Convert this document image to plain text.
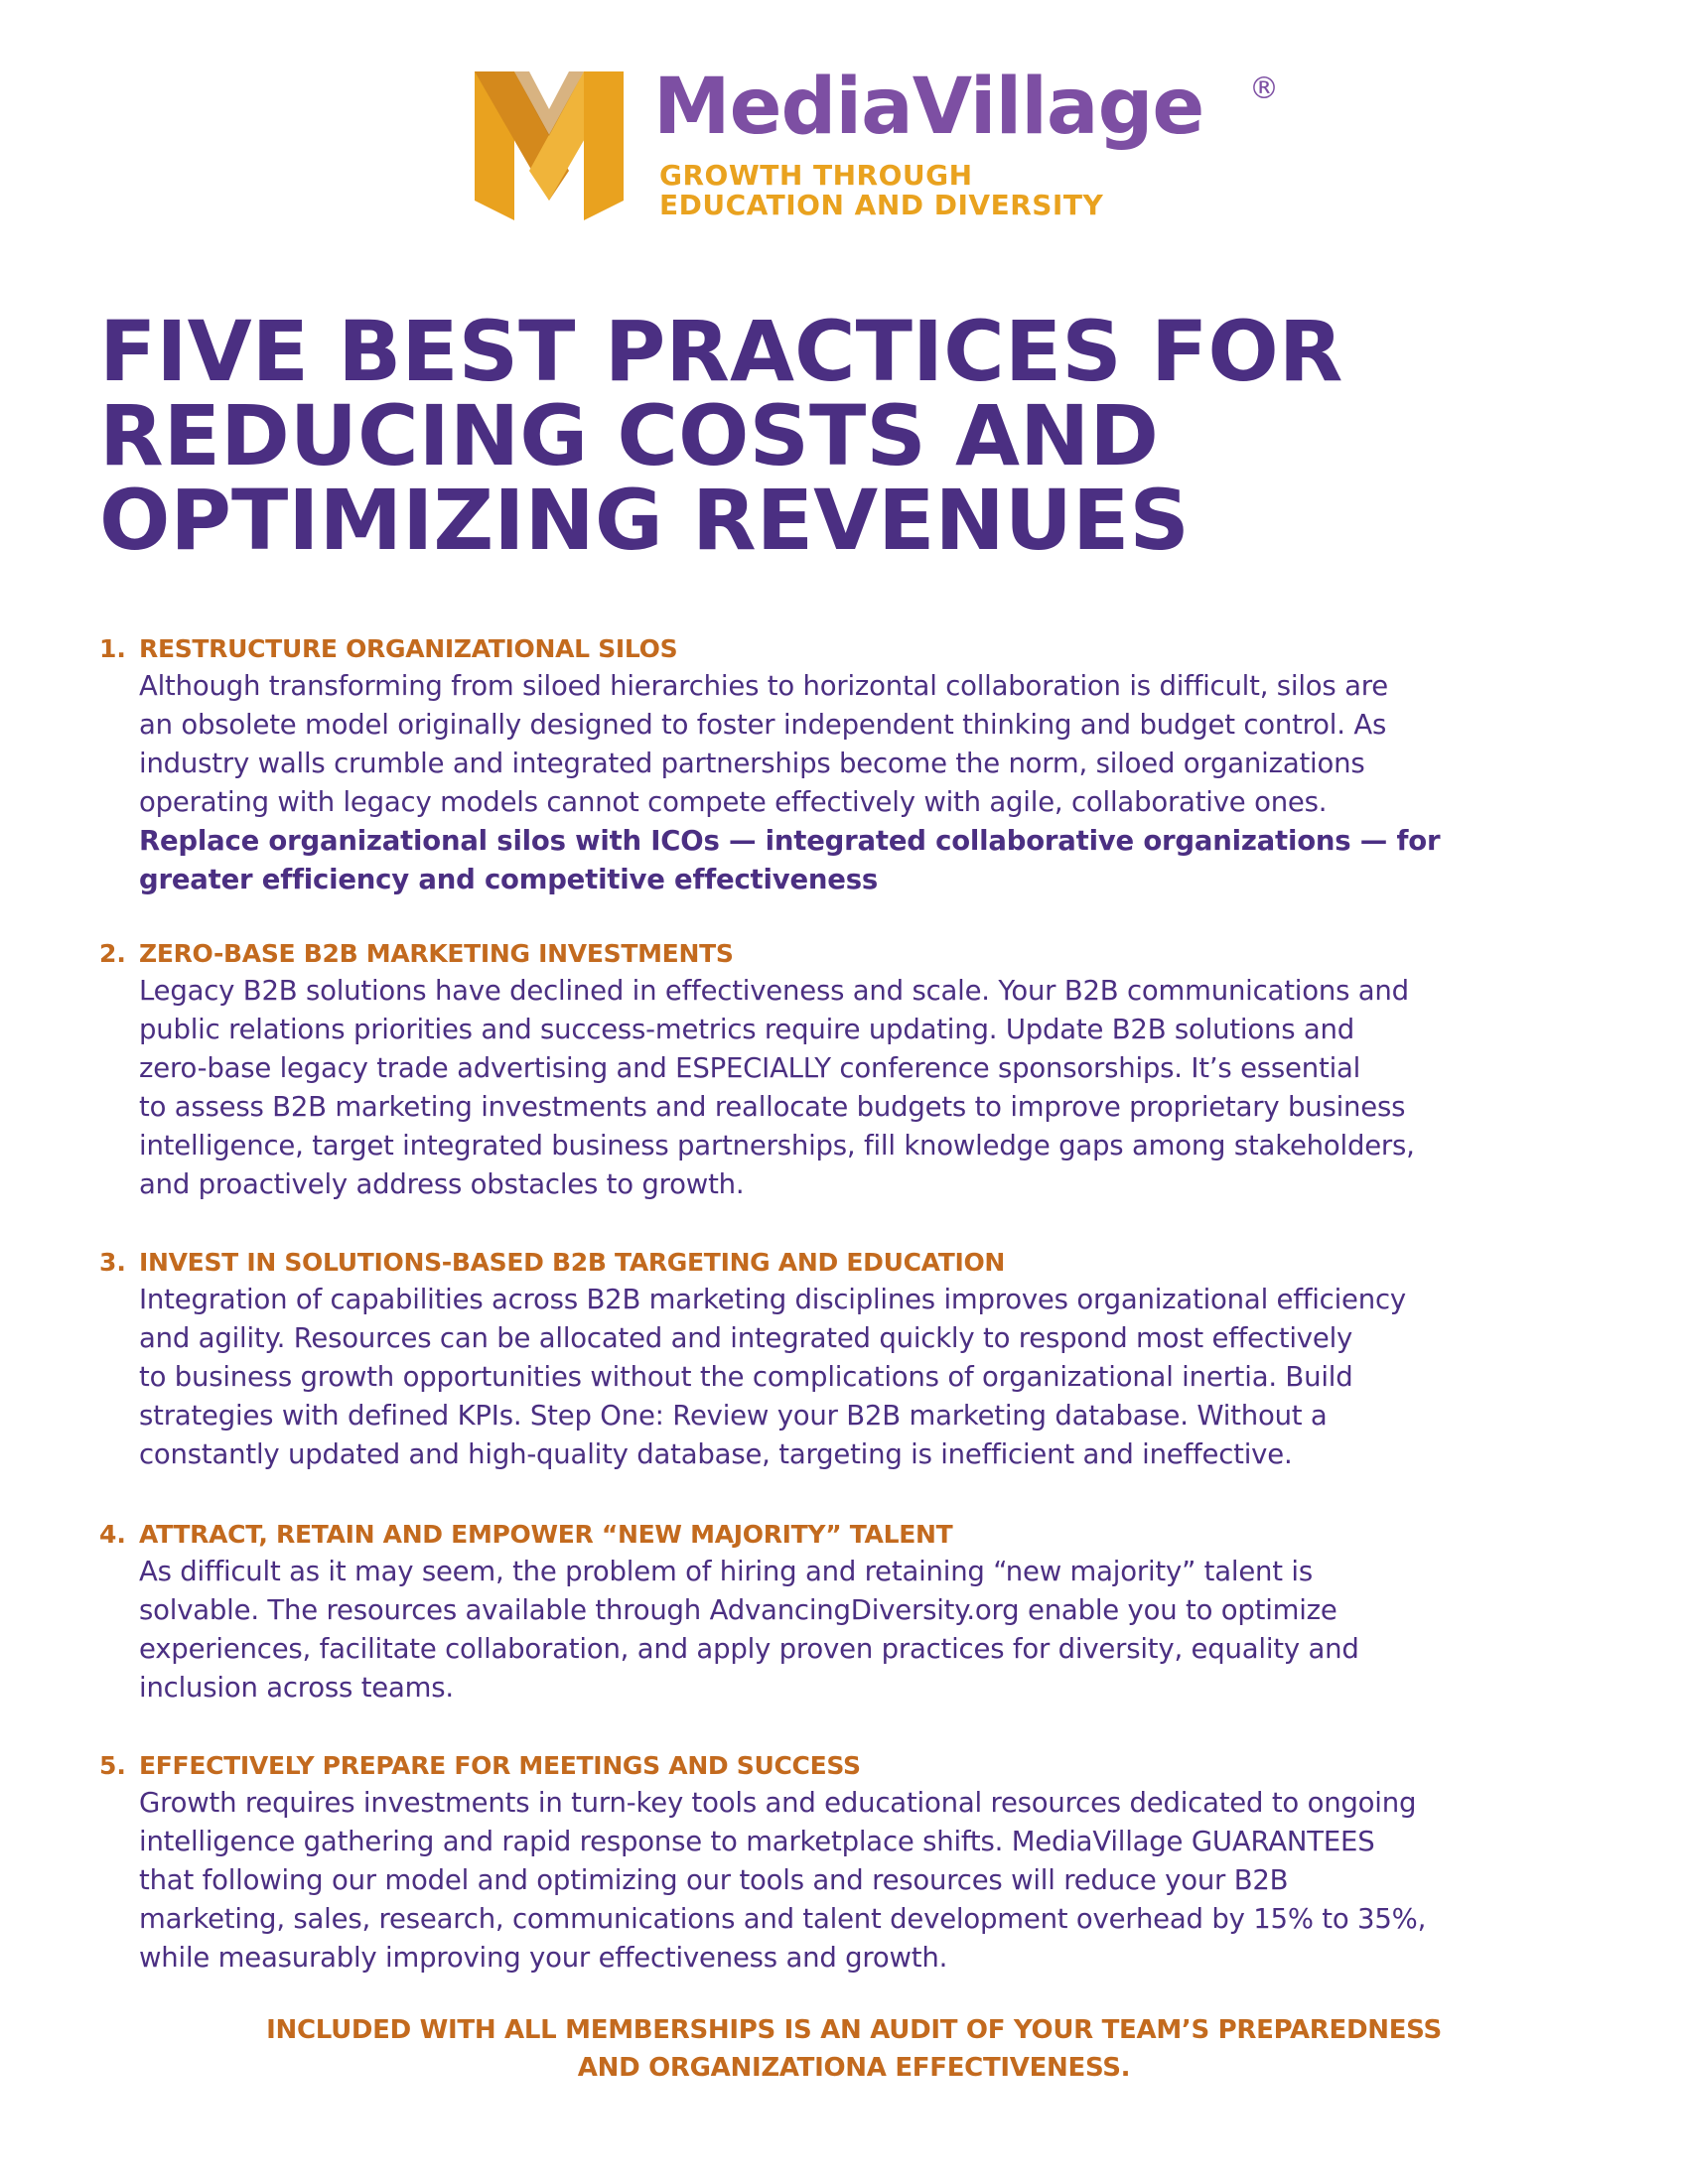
MediaVillage ®
GROWTH THROUGH
EDUCATION AND DIVERSITY
FIVE BEST PRACTICES FOR
REDUCING COSTS AND
OPTIMIZING REVENUES
1. RESTRUCTURE ORGANIZATIONAL SILOS
Although transforming from siloed hierarchies to horizontal collaboration is difficult, silos are
an obsolete model originally designed to foster independent thinking and budget control. As
industry walls crumble and integrated partnerships become the norm, siloed organizations
operating with legacy models cannot compete effectively with agile, collaborative ones.
Replace organizational silos with ICOs — integrated collaborative organizations — for
greater efficiency and competitive effectiveness
2. ZERO-BASE B2B MARKETING INVESTMENTS
Legacy B2B solutions have declined in effectiveness and scale. Your B2B communications and
public relations priorities and success-metrics require updating. Update B2B solutions and
zero-base legacy trade advertising and ESPECIALLY conference sponsorships. It’s essential
to assess B2B marketing investments and reallocate budgets to improve proprietary business
intelligence, target integrated business partnerships, fill knowledge gaps among stakeholders,
and proactively address obstacles to growth.
3. INVEST IN SOLUTIONS-BASED B2B TARGETING AND EDUCATION
Integration of capabilities across B2B marketing disciplines improves organizational efficiency
and agility. Resources can be allocated and integrated quickly to respond most effectively
to business growth opportunities without the complications of organizational inertia. Build
strategies with defined KPIs. Step One: Review your B2B marketing database. Without a
constantly updated and high-quality database, targeting is inefficient and ineffective.
4. ATTRACT, RETAIN AND EMPOWER “NEW MAJORITY” TALENT
As difficult as it may seem, the problem of hiring and retaining “new majority” talent is
solvable. The resources available through AdvancingDiversity.org enable you to optimize
experiences, facilitate collaboration, and apply proven practices for diversity, equality and
inclusion across teams.
5. EFFECTIVELY PREPARE FOR MEETINGS AND SUCCESS
Growth requires investments in turn-key tools and educational resources dedicated to ongoing
intelligence gathering and rapid response to marketplace shifts. MediaVillage GUARANTEES
that following our model and optimizing our tools and resources will reduce your B2B
marketing, sales, research, communications and talent development overhead by 15% to 35%,
while measurably improving your effectiveness and growth.
INCLUDED WITH ALL MEMBERSHIPS IS AN AUDIT OF YOUR TEAM’S PREPAREDNESS
AND ORGANIZATIONA EFFECTIVENESS.
